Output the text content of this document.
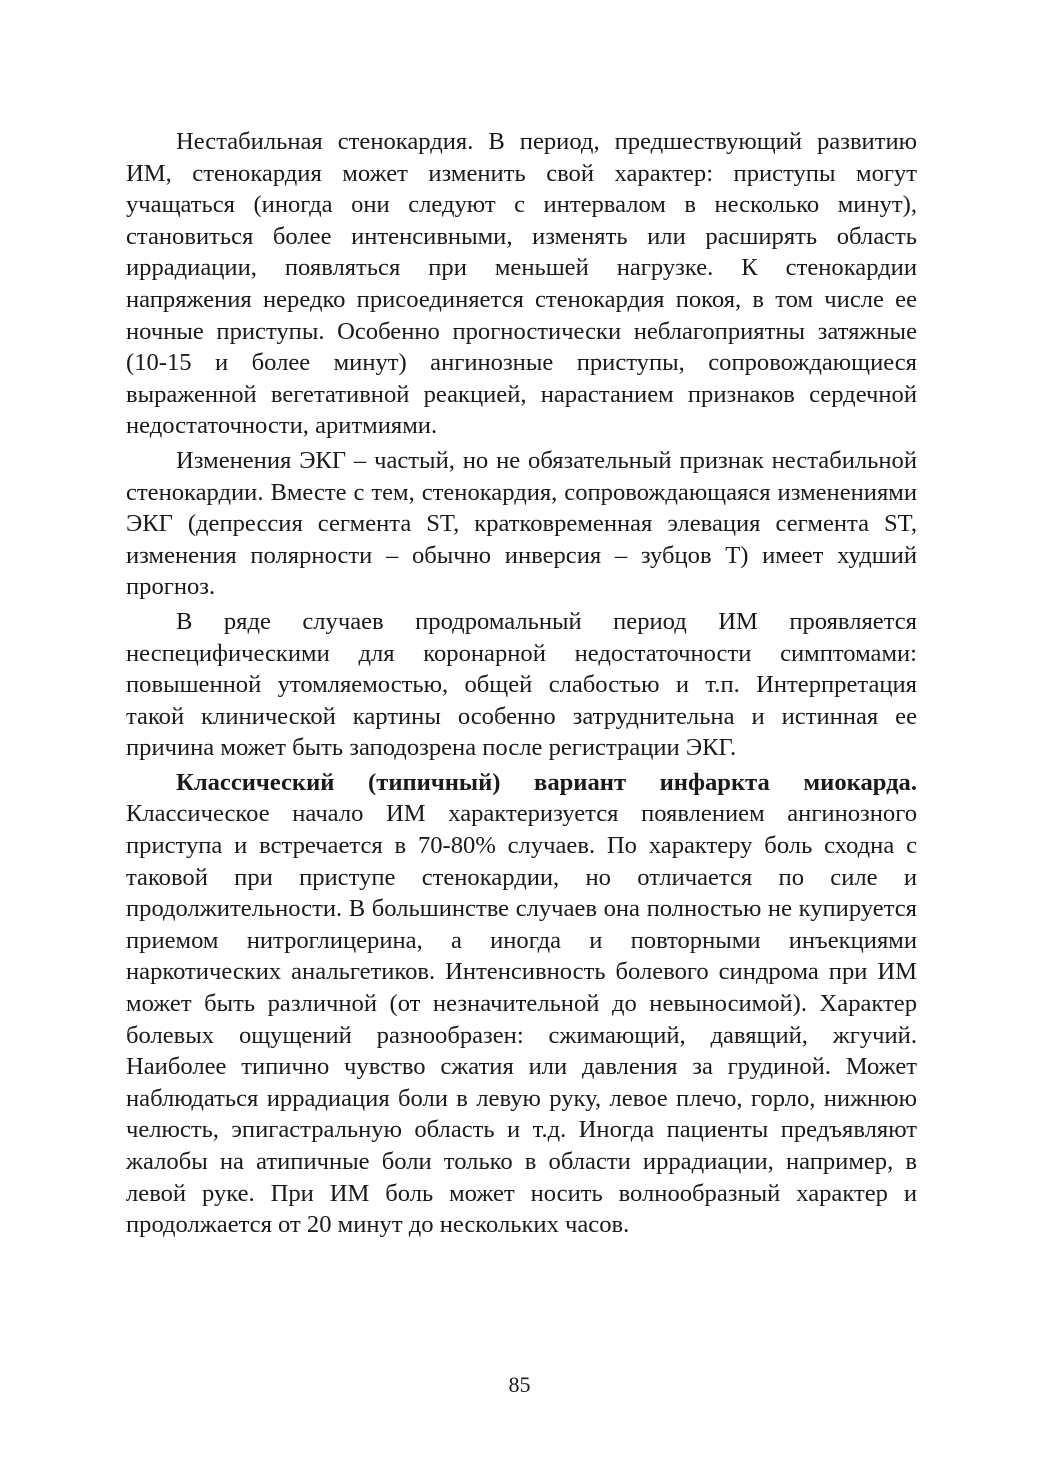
Нестабильная стенокардия. В период, предшествующий развитию ИМ, стенокардия может изменить свой характер: приступы могут учащаться (иногда они следуют с интервалом в несколько минут), становиться более интенсивными, изменять или расширять область иррадиации, появляться при меньшей нагрузке. К стенокардии напряжения нередко присоединяется стенокардия покоя, в том числе ее ночные приступы. Особенно прогностически неблагоприятны затяжные (10-15 и более минут) ангинозные приступы, сопровождающиеся выраженной вегетативной реакцией, нарастанием признаков сердечной недостаточности, аритмиями.

Изменения ЭКГ – частый, но не обязательный признак нестабильной стенокардии. Вместе с тем, стенокардия, сопровождающаяся изменениями ЭКГ (депрессия сегмента ST, кратковременная элевация сегмента ST, изменения полярности – обычно инверсия – зубцов T) имеет худший прогноз.

В ряде случаев продромальный период ИМ проявляется неспецифическими для коронарной недостаточности симптомами: повышенной утомляемостью, общей слабостью и т.п. Интерпретация такой клинической картины особенно затруднительна и истинная ее причина может быть заподозрена после регистрации ЭКГ.

Классический (типичный) вариант инфаркта миокарда. Классическое начало ИМ характеризуется появлением ангинозного приступа и встречается в 70-80% случаев. По характеру боль сходна с таковой при приступе стенокардии, но отличается по силе и продолжительности. В большинстве случаев она полностью не купируется приемом нитроглицерина, а иногда и повторными инъекциями наркотических анальгетиков. Интенсивность болевого синдрома при ИМ может быть различной (от незначительной до невыносимой). Характер болевых ощущений разнообразен: сжимающий, давящий, жгучий. Наиболее типично чувство сжатия или давления за грудиной. Может наблюдаться иррадиация боли в левую руку, левое плечо, горло, нижнюю челюсть, эпигастральную область и т.д. Иногда пациенты предъявляют жалобы на атипичные боли только в области иррадиации, например, в левой руке. При ИМ боль может носить волнообразный характер и продолжается от 20 минут до нескольких часов.

85
